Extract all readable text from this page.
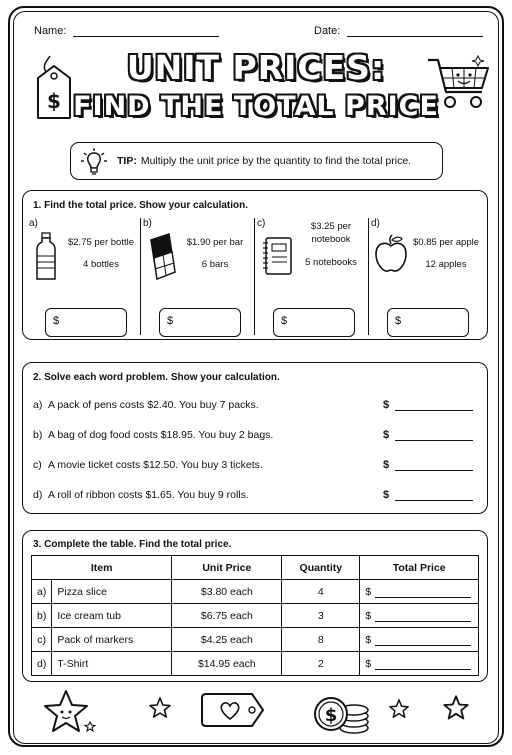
Name:	Date:
$
UNIT PRICES:
FIND THE TOTAL PRICE
TIP: Multiply the unit price by the quantity to find the total price.
1. Find the total price. Show your calculation.
a)
$2.75 per bottle
4 bottles
$
b)
$1.90 per bar
6 bars
$
c)	$3.25 per notebook
5 notebooks
$
d)
$0.85 per apple
12 apples
$
2. Solve each word problem. Show your calculation.
a) A pack of pens costs $2.40. You buy 7 packs.	$
b) A bag of dog food costs $18.95. You buy 2 bags.	$
c) A movie ticket costs $12.50. You buy 3 tickets.	$
d) A roll of ribbon costs $1.65. You buy 9 rolls.	$
3. Complete the table. Find the total price.
Item		Unit Price	Quantity	Total Price
a)	Pizza slice	$3.80 each	4	$
b)	Ice cream tub	$6.75 each	3	$
c)	Pack of markers	$4.25 each	8	$
d)	T-Shirt	$14.95 each	2	$
$
